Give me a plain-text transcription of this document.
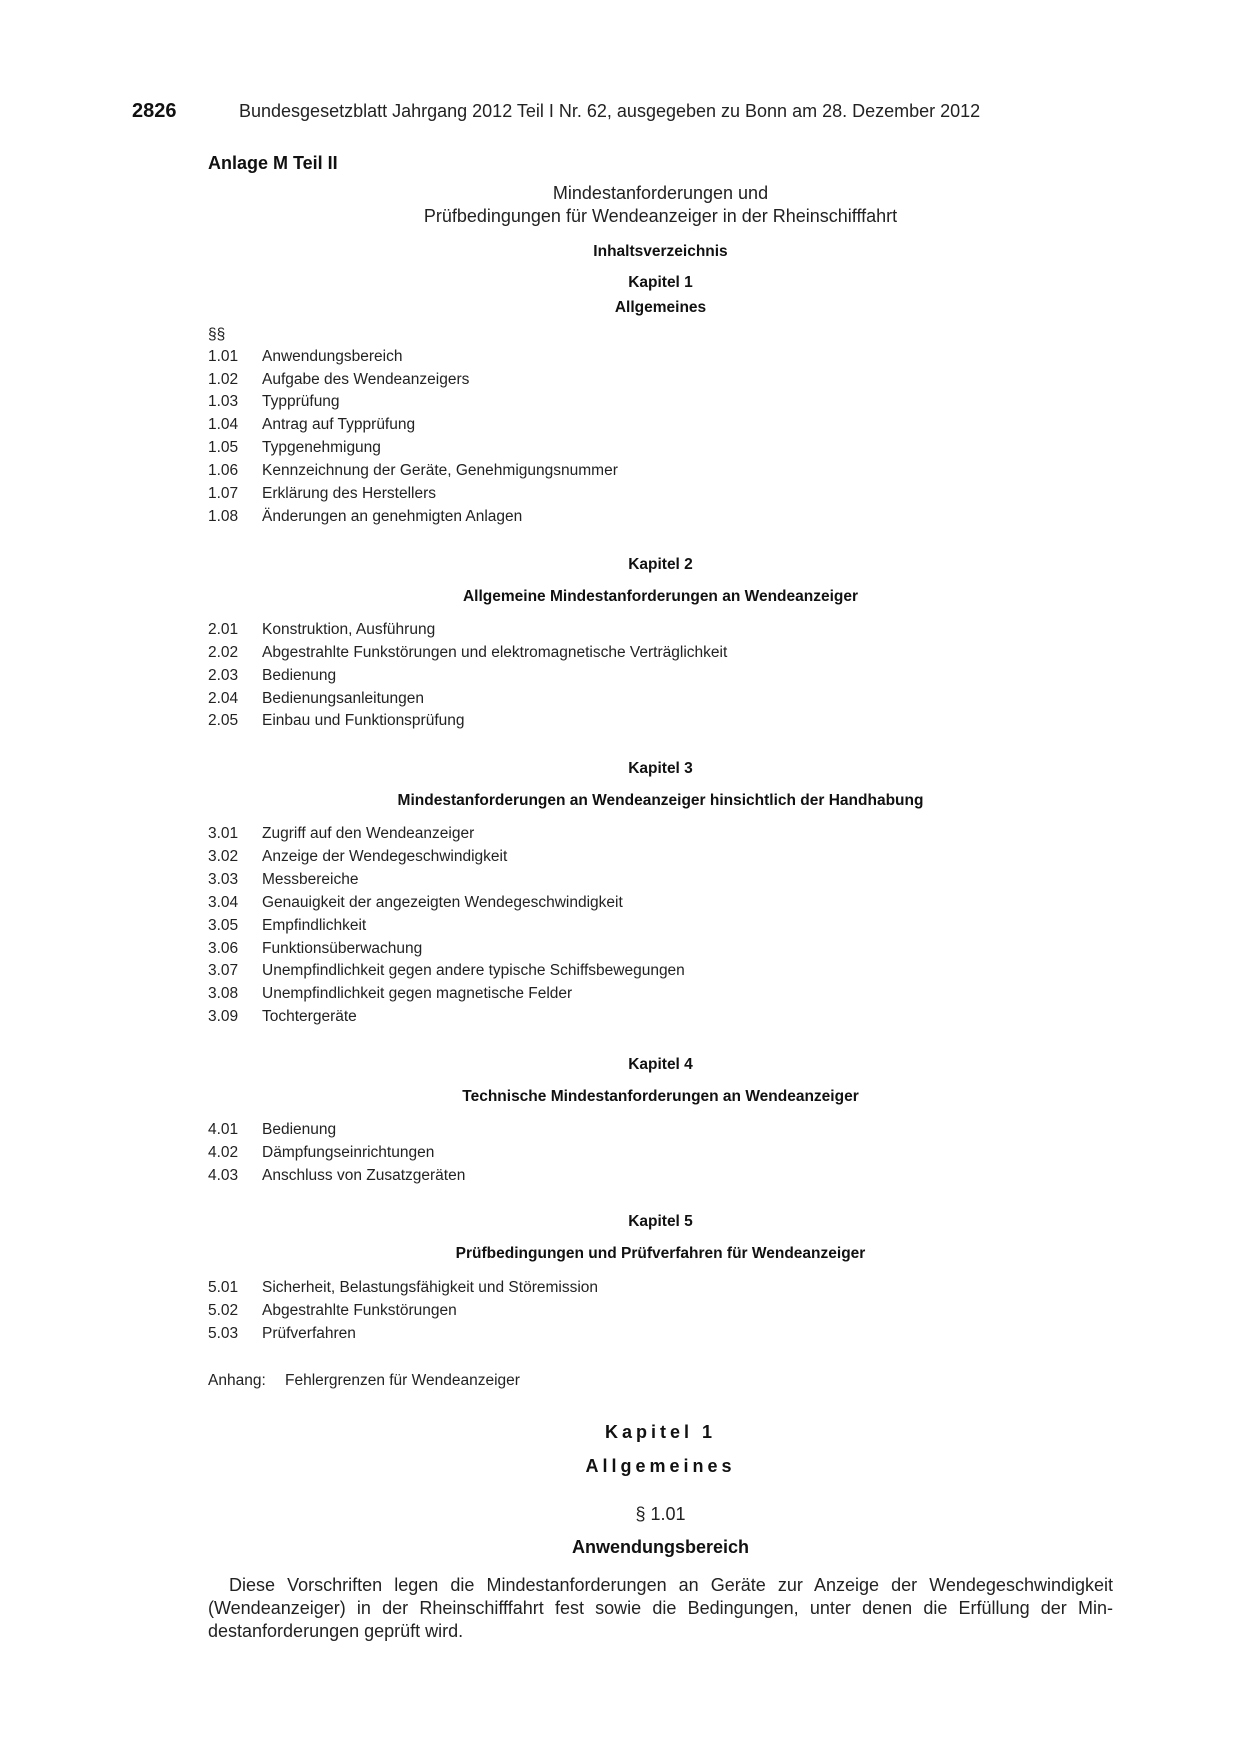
2826	Bundesgesetzblatt Jahrgang 2012 Teil I Nr. 62, ausgegeben zu Bonn am 28. Dezember 2012
Anlage M Teil II
Mindestanforderungen und
Prüfbedingungen für Wendeanzeiger in der Rheinschifffahrt
Inhaltsverzeichnis
Kapitel 1
Allgemeines
§§
1.01 Anwendungsbereich
1.02 Aufgabe des Wendeanzeigers
1.03 Typprüfung
1.04 Antrag auf Typprüfung
1.05 Typgenehmigung
1.06 Kennzeichnung der Geräte, Genehmigungsnummer
1.07 Erklärung des Herstellers
1.08 Änderungen an genehmigten Anlagen
Kapitel 2
Allgemeine Mindestanforderungen an Wendeanzeiger
2.01 Konstruktion, Ausführung
2.02 Abgestrahlte Funkstörungen und elektromagnetische Verträglichkeit
2.03 Bedienung
2.04 Bedienungsanleitungen
2.05 Einbau und Funktionsprüfung
Kapitel 3
Mindestanforderungen an Wendeanzeiger hinsichtlich der Handhabung
3.01 Zugriff auf den Wendeanzeiger
3.02 Anzeige der Wendegeschwindigkeit
3.03 Messbereiche
3.04 Genauigkeit der angezeigten Wendegeschwindigkeit
3.05 Empfindlichkeit
3.06 Funktionsüberwachung
3.07 Unempfindlichkeit gegen andere typische Schiffsbewegungen
3.08 Unempfindlichkeit gegen magnetische Felder
3.09 Tochtergeräte
Kapitel 4
Technische Mindestanforderungen an Wendeanzeiger
4.01 Bedienung
4.02 Dämpfungseinrichtungen
4.03 Anschluss von Zusatzgeräten
Kapitel 5
Prüfbedingungen und Prüfverfahren für Wendeanzeiger
5.01 Sicherheit, Belastungsfähigkeit und Störemission
5.02 Abgestrahlte Funkstörungen
5.03 Prüfverfahren
Anhang: Fehlergrenzen für Wendeanzeiger
Kapitel 1
Allgemeines
§ 1.01
Anwendungsbereich
Diese Vorschriften legen die Mindestanforderungen an Geräte zur Anzeige der Wendegeschwindigkeit
(Wendeanzeiger) in der Rheinschifffahrt fest sowie die Bedingungen, unter denen die Erfüllung der Min-
destanforderungen geprüft wird.
